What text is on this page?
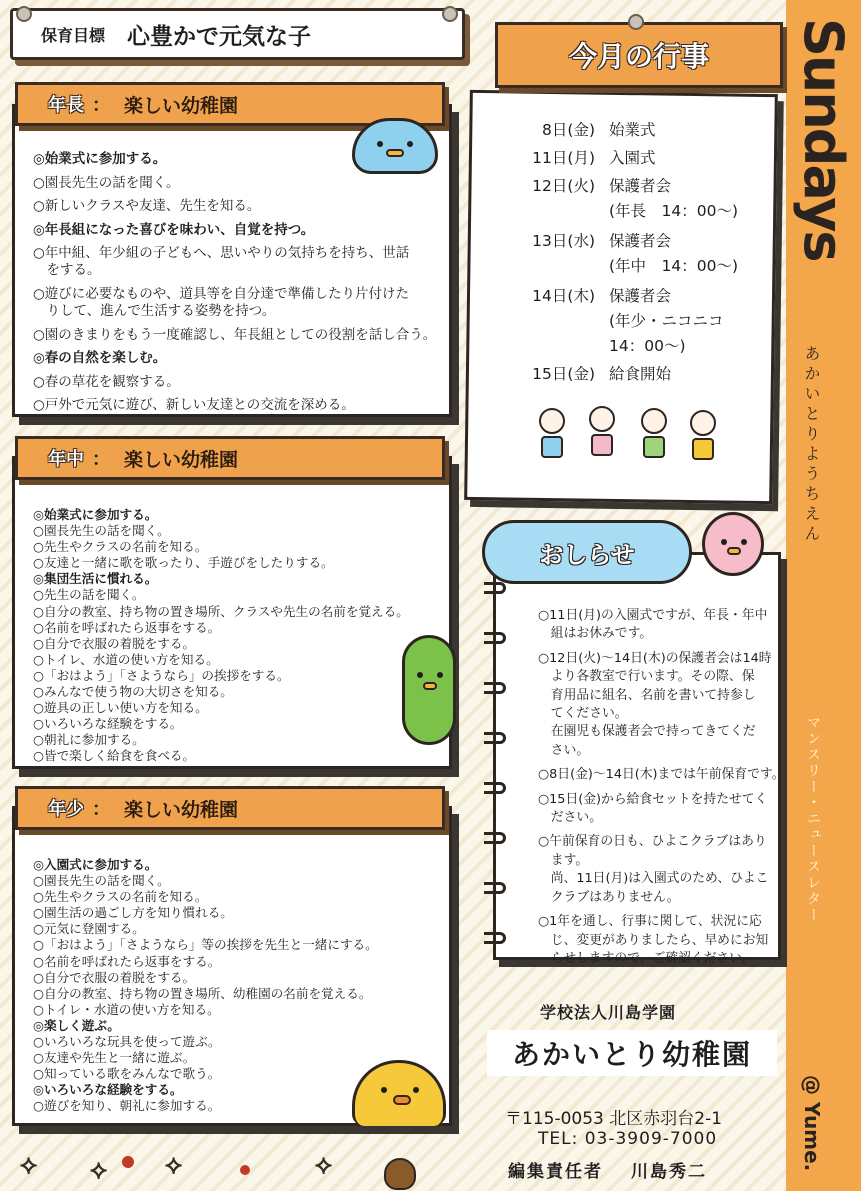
Sundays
あかいとりようちえん
マンスリー・ニュースレター
@ Yume.
保育目標 心豊かで元気な子

◎始業式に参加する。

○園長先生の話を聞く。

○新しいクラスや友達、先生を知る。

◎年長組になった喜びを味わい、自覚を持つ。

○年中組、年少組の子どもへ、思いやりの気持ちを持ち、世話

　をする。

○遊びに必要なものや、道具等を自分達で準備したり片付けた

　りして、進んで生活する姿勢を持つ。

○園のきまりをもう一度確認し、年長組としての役割を話し合う。

◎春の自然を楽しむ。

○春の草花を観察する。

○戸外で元気に遊び、新しい友達との交流を深める。

年長 ： 楽しい幼稚園

◎始業式に参加する。

○園長先生の話を聞く。

○先生やクラスの名前を知る。

○友達と一緒に歌を歌ったり、手遊びをしたりする。

◎集団生活に慣れる。

○先生の話を聞く。

○自分の教室、持ち物の置き場所、クラスや先生の名前を覚える。

○名前を呼ばれたら返事をする。

○自分で衣服の着脱をする。

○トイレ、水道の使い方を知る。

○「おはよう」「さようなら」の挨拶をする。

○みんなで使う物の大切さを知る。

○遊具の正しい使い方を知る。

○いろいろな経験をする。

○朝礼に参加する。

○皆で楽しく給食を食べる。

年中 ： 楽しい幼稚園

◎入園式に参加する。

○園長先生の話を聞く。

○先生やクラスの名前を知る。

○園生活の過ごし方を知り慣れる。

○元気に登園する。

○「おはよう」「さようなら」等の挨拶を先生と一緒にする。

○名前を呼ばれたら返事をする。

○自分で衣服の着脱をする。

○自分の教室、持ち物の置き場所、幼稚園の名前を覚える。

○トイレ・水道の使い方を知る。

◎楽しく遊ぶ。

○いろいろな玩具を使って遊ぶ。

○友達や先生と一緒に遊ぶ。

○知っている歌をみんなで歌う。

◎いろいろな経験をする。

○遊びを知り、朝礼に参加する。

年少 ： 楽しい幼稚園
⟡ ⟡ ⟡	⟡
今月の行事
8日(金) 始業式
11日(月) 入園式
12日(火) 保護者会
(年長　14：00～)
13日(水) 保護者会
(年中　14：00～)
14日(木) 保護者会
(年少・ニコニコ
14：00～)
15日(金) 給食開始
おしらせ

○11日(月)の入園式ですが、年長・年中

　組はお休みです。

○12日(火)～14日(木)の保護者会は14時

　より各教室で行います。その際、保

　育用品に組名、名前を書いて持参し

　てください。

　在園児も保護者会で持ってきてくだ

　さい。

○8日(金)～14日(木)までは午前保育です。

○15日(金)から給食セットを持たせてく

　ださい。

○午前保育の日も、ひよこクラブはあり

　ます。

　尚、11日(月)は入園式のため、ひよこ

　クラブはありません。

○1年を通し、行事に関して、状況に応

　じ、変更がありましたら、早めにお知

　らせしますので、ご確認ください。

学校法人川島学園
あかいとり幼稚園
〒115-0053 北区赤羽台2-1
TEL: 03-3909-7000
編集責任者 川島秀二
